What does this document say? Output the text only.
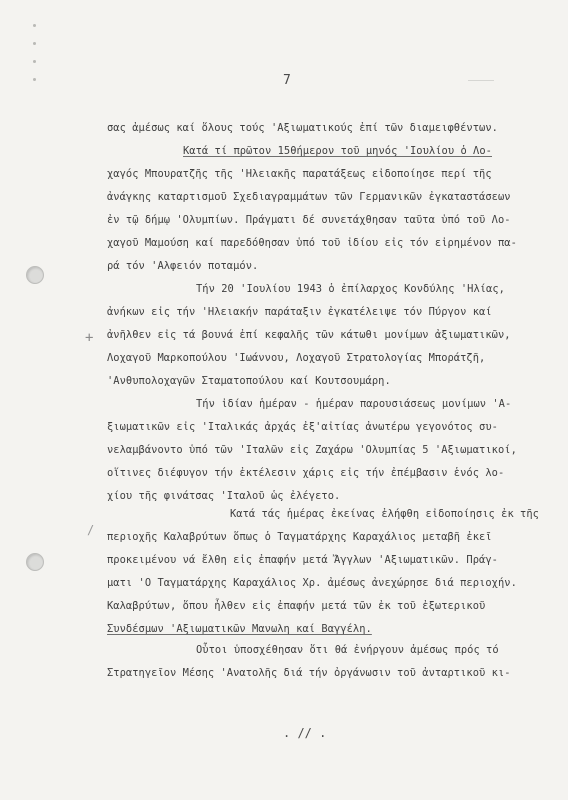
7
σας ἀμέσως καί ὅλους τούς 'Αξιωματικούς ἐπί τῶν διαμειφθέντων.
Κατά τί πρῶτον 15θήμερον τοῦ μηνός 'Ιουλίου ὁ Λο-
χαγός Μπουρατζῆς τῆς 'Ηλειακῆς παρατάξεως εἰδοποίησε περί τῆς
ἀνάγκης καταρτισμοῦ Σχεδιαγραμμάτων τῶν Γερμανικῶν ἐγκαταστάσεων
ἐν τῷ δήμῳ 'Ολυμπίων. Πράγματι δέ συνετάχθησαν ταῦτα ὑπό τοῦ Λο-
χαγοῦ Μαμούση καί παρεδόθησαν ὑπό τοῦ ἰδίου εἰς τόν εἰρημένον πα-
ρά τόν 'Αλφειόν ποταμόν.
Τήν 20 'Ιουλίου 1943 ὁ ἐπίλαρχος Κονδύλης 'Ηλίας,
ἀνήκων εἰς τήν 'Ηλειακήν παράταξιν ἐγκατέλειψε τόν Πύργον καί
ἀνῆλθεν εἰς τά βουνά ἐπί κεφαλῆς τῶν κάτωθι μονίμων ἀξιωματικῶν,
Λοχαγοῦ Μαρκοπούλου 'Ιωάννου, Λοχαγοῦ Στρατολογίας Μποράτζῆ,
'Ανθυπολοχαγῶν Σταματοπούλου καί Κουτσουμάρη.
Τήν ἰδίαν ἡμέραν - ἡμέραν παρουσιάσεως μονίμων 'Α-
ξιωματικῶν εἰς 'Ιταλικάς ἀρχάς ἐξ'αἰτίας ἀνωτέρω γεγονότος συ-
νελαμβάνοντο ὑπό τῶν 'Ιταλῶν εἰς Ζαχάρω 'Ολυμπίας 5 'Αξιωματικοί,
οἵτινες διέφυγον τήν ἐκτέλεσιν χάρις εἰς τήν ἐπέμβασιν ἑνός λο-
χίου τῆς φινάτσας 'Ιταλοῦ ὡς ἐλέγετο.
Κατά τάς ἡμέρας ἐκείνας ἐλήφθη εἰδοποίησις ἐκ τῆς
περιοχῆς Καλαβρύτων ὅπως ὁ Ταγματάρχης Καραχάλιος μεταβῆ ἐκεῖ
προκειμένου νά ἔλθη εἰς ἐπαφήν μετά Ἄγγλων 'Αξιωματικῶν. Πράγ-
ματι 'Ο Ταγματάρχης Καραχάλιος Χρ. ἀμέσως ἀνεχώρησε διά περιοχήν.
Καλαβρύτων, ὅπου ἦλθεν εἰς ἐπαφήν μετά τῶν ἐκ τοῦ ἐξωτερικοῦ
Συνδέσμων 'Αξιωματικῶν Μανωλη καί Βαγγέλη.
Οὗτοι ὑποσχέθησαν ὅτι θά ἐνήργουν ἀμέσως πρός τό
Στρατηγεῖον Μέσης 'Ανατολῆς διά τήν ὀργάνωσιν τοῦ ἀνταρτικοῦ κι-
+
/
. // .
